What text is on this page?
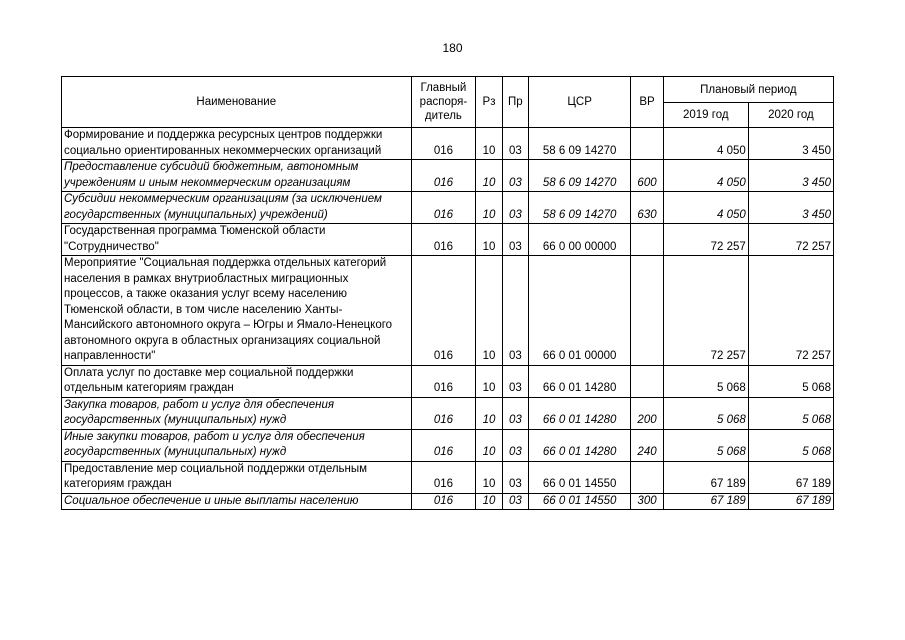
180
Наименование	Главный
распоря-
дитель	Рз	Пр	ЦСР	ВР	Плановый период	
						2019 год	2020 год
Формирование и поддержка ресурсных центров поддержки социально ориентированных некоммерческих организаций	016	10	03	58 6 09 14270		4 050	3 450
Предоставление субсидий бюджетным, автономным учреждениям и иным некоммерческим организациям	016	10	03	58 6 09 14270	600	4 050	3 450
Субсидии некоммерческим организациям (за исключением государственных (муниципальных) учреждений)	016	10	03	58 6 09 14270	630	4 050	3 450
Государственная программа Тюменской области "Сотрудничество"	016	10	03	66 0 00 00000		72 257	72 257
Мероприятие "Социальная поддержка отдельных категорий населения в рамках внутриобластных миграционных процессов, а также оказания услуг всему населению Тюменской области, в том числе населению Ханты-Мансийского автономного округа – Югры и Ямало-Ненецкого автономного округа в областных организациях социальной направленности"	016	10	03	66 0 01 00000		72 257	72 257
Оплата услуг по доставке мер социальной поддержки отдельным категориям граждан	016	10	03	66 0 01 14280		5 068	5 068
Закупка товаров, работ и услуг для обеспечения государственных (муниципальных) нужд	016	10	03	66 0 01 14280	200	5 068	5 068
Иные закупки товаров, работ и услуг для обеспечения государственных (муниципальных) нужд	016	10	03	66 0 01 14280	240	5 068	5 068
Предоставление мер социальной поддержки отдельным категориям граждан	016	10	03	66 0 01 14550		67 189	67 189
Социальное обеспечение и иные выплаты населению	016	10	03	66 0 01 14550	300	67 189	67 189
